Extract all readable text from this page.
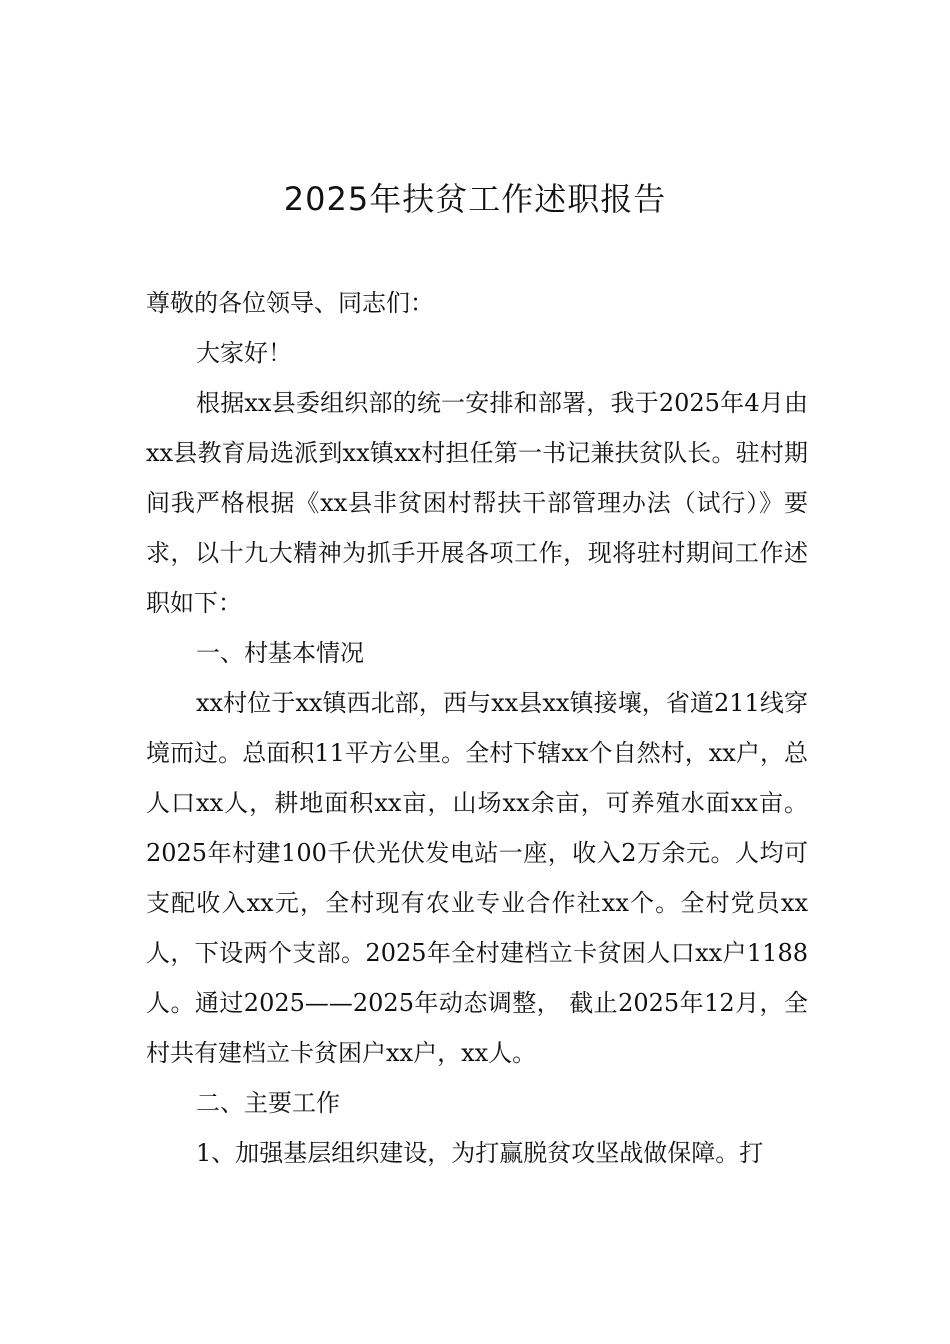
2025年扶贫工作述职报告

尊敬的各位领导、同志们：

大家好！

根据xx县委组织部的统一安排和部署，我于2025年4月由xx县教育局选派到xx镇xx村担任第一书记兼扶贫队长。驻村期间我严格根据《xx县非贫困村帮扶干部管理办法（试行）》要求，以十九大精神为抓手开展各项工作，现将驻村期间工作述职如下：

一、村基本情况

xx村位于xx镇西北部，西与xx县xx镇接壤，省道211线穿境而过。总面积11平方公里。全村下辖xx个自然村，xx户，总人口xx人，耕地面积xx亩，山场xx余亩，可养殖水面xx亩。2025年村建100千伏光伏发电站一座，收入2万余元。人均可支配收入xx元，全村现有农业专业合作社xx个。全村党员xx人，下设两个支部。2025年全村建档立卡贫困人口xx户1188人。通过2025——2025年动态调整， 截止2025年12月，全村共有建档立卡贫困户xx户，xx人。

二、主要工作

1、加强基层组织建设，为打赢脱贫攻坚战做保障。打
